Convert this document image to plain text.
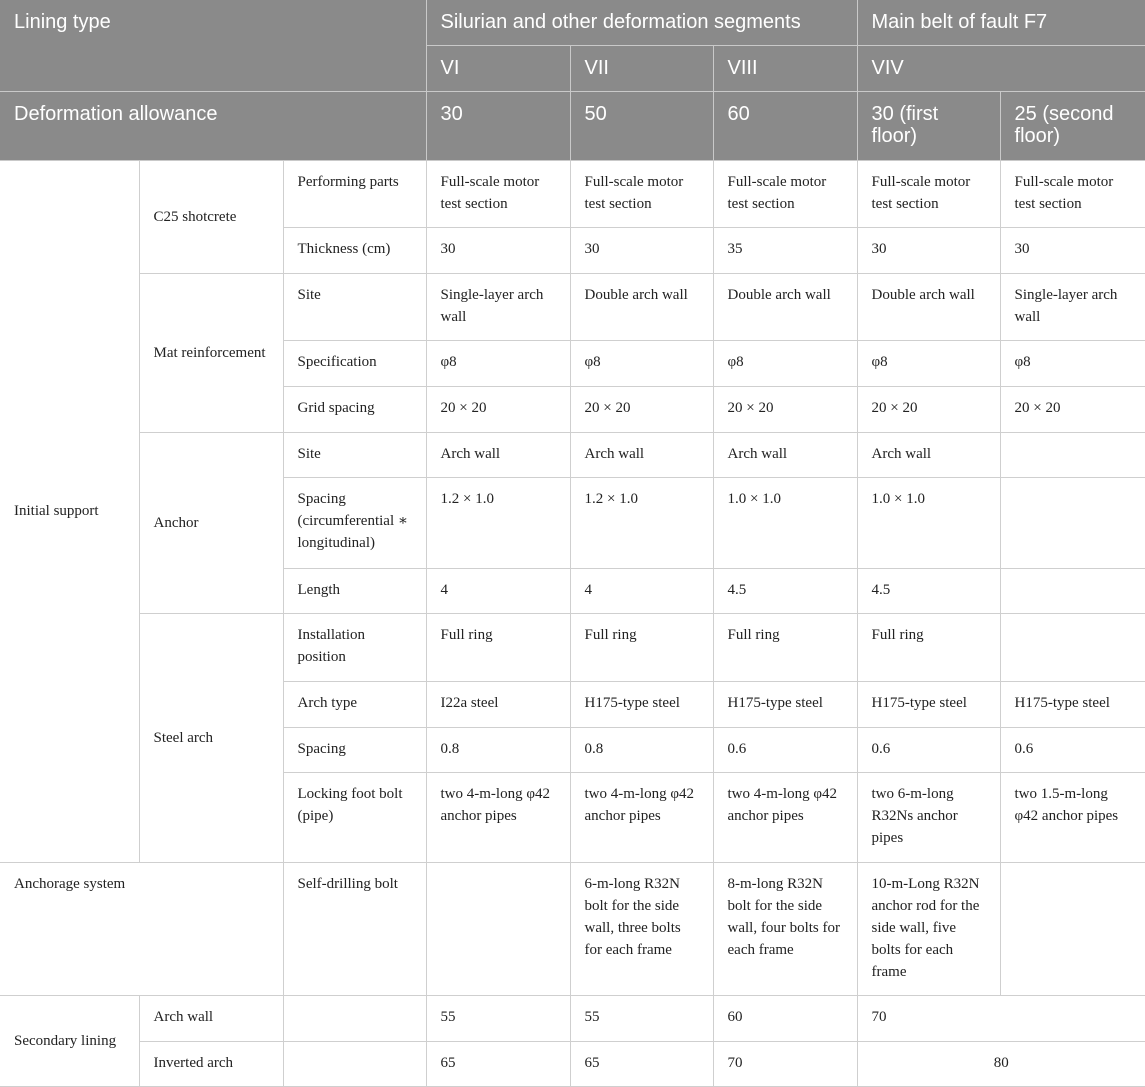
Lining type			Silurian and other deformation segments			Main belt of fault F7	
			VI	VII	VIII	VIV	
Deformation allowance			30	50	60	30 (first floor)	25 (second floor)
Initial support	C25 shotcrete	Performing parts	Full-scale motor test section	Full-scale motor test section	Full-scale motor test section	Full-scale motor test section	Full-scale motor test section
		Thickness (cm)	30	30	35	30	30
	Mat reinforcement	Site	Single-layer arch wall	Double arch wall	Double arch wall	Double arch wall	Single-layer arch wall
		Specification	φ8	φ8	φ8	φ8	φ8
		Grid spacing	20 × 20	20 × 20	20 × 20	20 × 20	20 × 20
	Anchor	Site	Arch wall	Arch wall	Arch wall	Arch wall	
		Spacing (circumferential ∗ longitudinal)	1.2 × 1.0	1.2 × 1.0	1.0 × 1.0	1.0 × 1.0	
		Length	4	4	4.5	4.5	
	Steel arch	Installation position	Full ring	Full ring	Full ring	Full ring	
		Arch type	I22a steel	H175-type steel	H175-type steel	H175-type steel	H175-type steel
		Spacing	0.8	0.8	0.6	0.6	0.6
		Locking foot bolt (pipe)	two 4-m-long φ42 anchor pipes	two 4-m-long φ42 anchor pipes	two 4-m-long φ42 anchor pipes	two 6-m-long R32Ns anchor pipes	two 1.5-m-long φ42 anchor pipes
Anchorage system		Self-drilling bolt		6-m-long R32N bolt for the side wall, three bolts for each frame	8-m-long R32N bolt for the side wall, four bolts for each frame	10-m-Long R32N anchor rod for the side wall, five bolts for each frame	
Secondary lining	Arch wall		55	55	60	70	
	Inverted arch		65	65	70	80	
